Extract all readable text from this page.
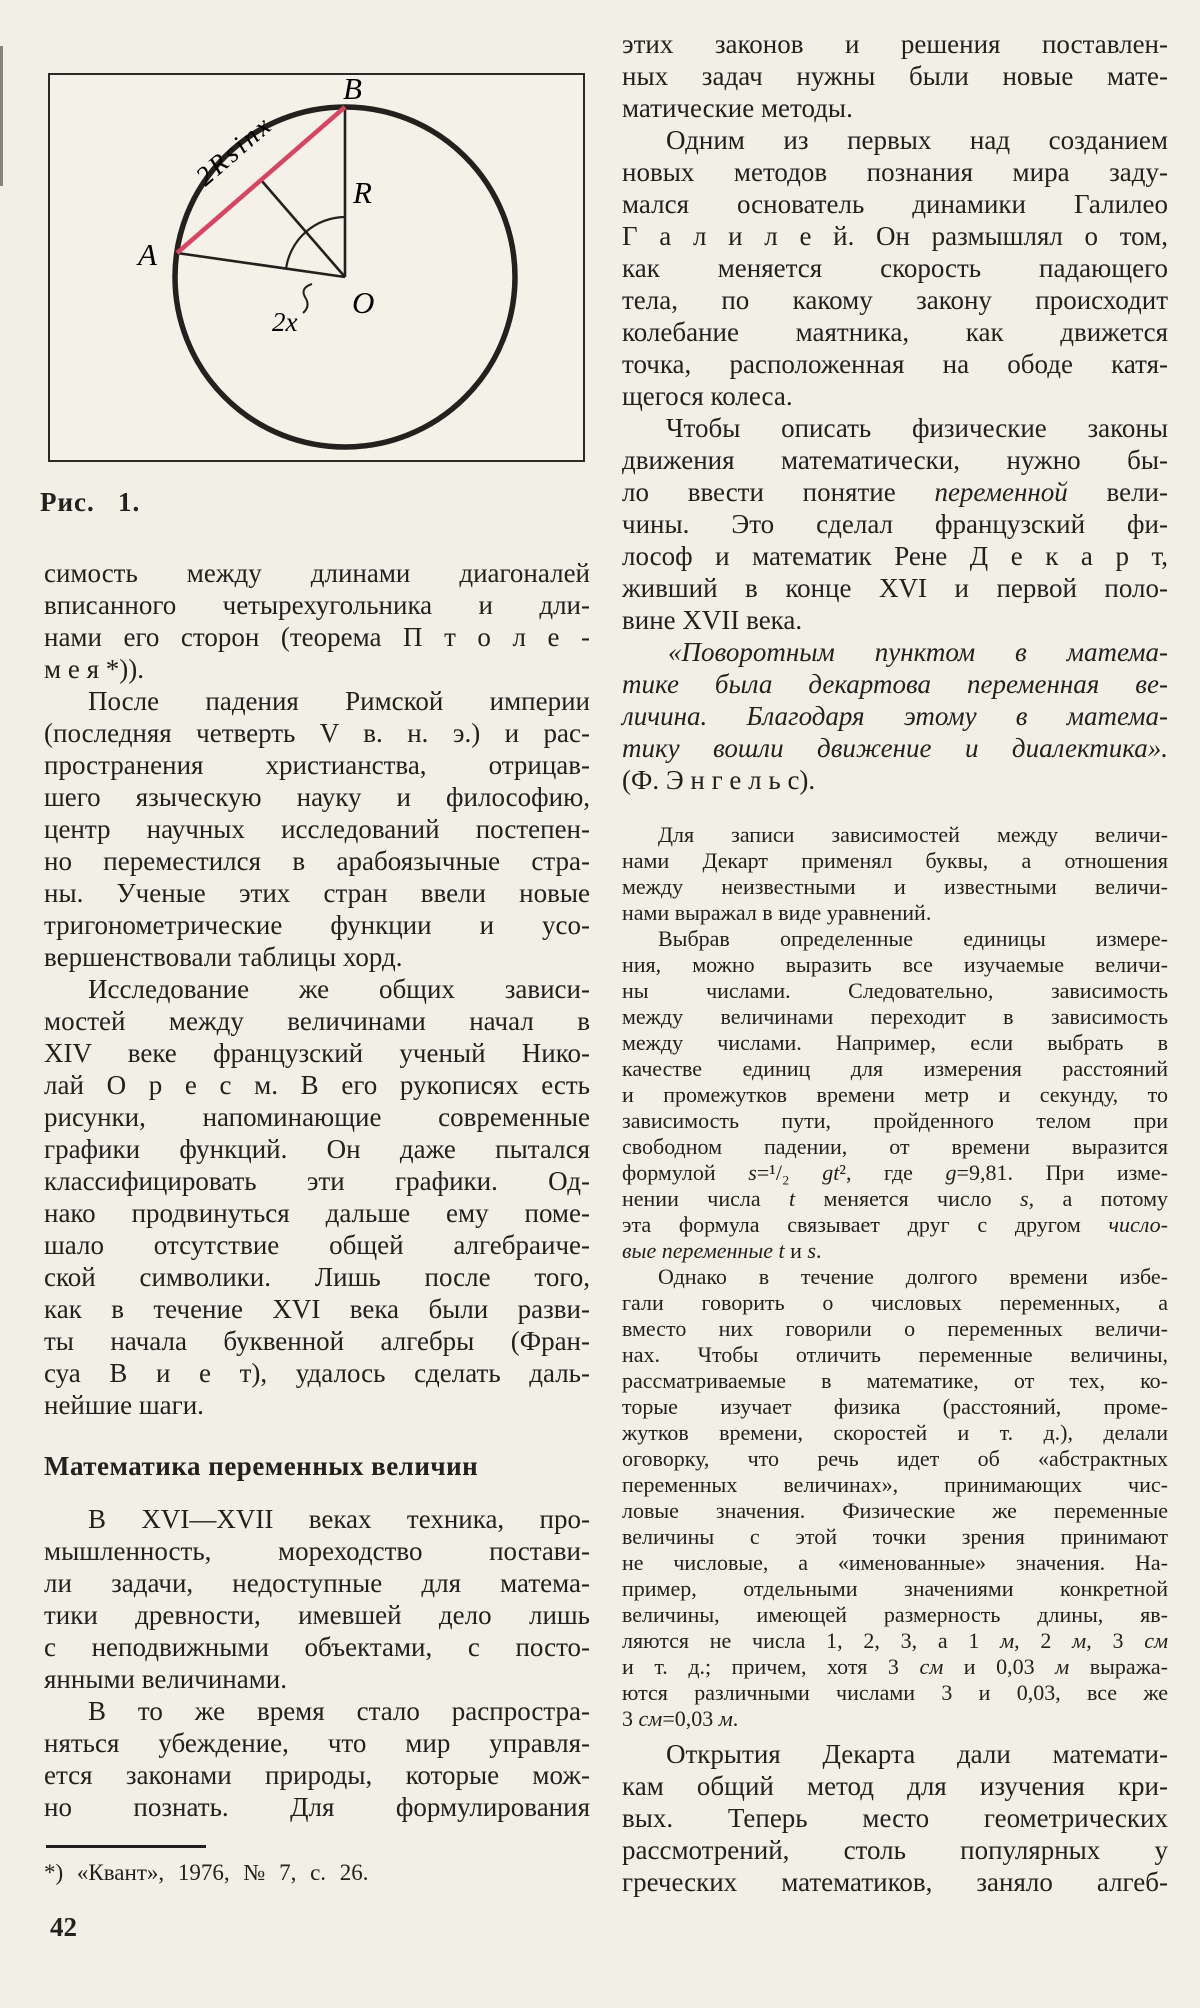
A
B
O
R
2Rsinx
2x
Рис.   1.
симость между длинами диагоналей
вписанного четырехугольника и дли-
нами его сторон (теорема П т о л е -
м е я *)).
После падения Римской империи
(последняя четверть V в. н. э.) и рас-
пространения христианства, отрицав-
шего языческую науку и философию,
центр научных исследований постепен-
но переместился в арабоязычные стра-
ны. Ученые этих стран ввели новые
тригонометрические функции и усо-
вершенствовали таблицы хорд.
Исследование же общих зависи-
мостей между величинами начал в
XIV веке французский ученый Нико-
лай О р е с м. В его рукописях есть
рисунки, напоминающие современные
графики функций. Он даже пытался
классифицировать эти графики. Од-
нако продвинуться дальше ему поме-
шало отсутствие общей алгебраиче-
ской символики. Лишь после того,
как в течение XVI века были разви-
ты начала буквенной алгебры (Фран-
суа В и е т), удалось сделать даль-
нейшие шаги.
Математика переменных величин
В XVI—XVII веках техника, про-
мышленность, мореходство постави-
ли задачи, недоступные для матема-
тики древности, имевшей дело лишь
с неподвижными объектами, с посто-
янными величинами.
В то же время стало распростра-
няться убеждение, что мир управля-
ется законами природы, которые мож-
но познать. Для формулирования
этих законов и решения поставлен-
ных задач нужны были новые мате-
матические методы.
Одним из первых над созданием
новых методов познания мира заду-
мался основатель динамики Галилео
Г а л и л е й. Он размышлял о том,
как меняется скорость падающего
тела, по какому закону происходит
колебание маятника, как движется
точка, расположенная на ободе катя-
щегося колеса.
Чтобы описать физические законы
движения математически, нужно бы-
ло ввести понятие переменной вели-
чины. Это сделал французский фи-
лософ и математик Рене Д е к а р т,
живший в конце XVI и первой поло-
вине XVII века.
«Поворотным пунктом в матема-
тике была декартова переменная ве-
личина. Благодаря этому в матема-
тику вошли движение и диалектика».
(Ф. Э н г е л ь с).
Для записи зависимостей между величи-
нами Декарт применял буквы, а отношения
между неизвестными и известными величи-
нами выражал в виде уравнений.
Выбрав определенные единицы измере-
ния, можно выразить все изучаемые величи-
ны числами. Следовательно, зависимость
между величинами переходит в зависимость
между числами. Например, если выбрать в
качестве единиц для измерения расстояний
и промежутков времени метр и секунду, то
зависимость пути, пройденного телом при
свободном падении, от времени выразится
формулой s=¹/₂ gt², где g=9,81. При изме-
нении числа t меняется число s, а потому
эта формула связывает друг с другом число-
вые переменные t и s.
Однако в течение долгого времени избе-
гали говорить о числовых переменных, а
вместо них говорили о переменных величи-
нах. Чтобы отличить переменные величины,
рассматриваемые в математике, от тех, ко-
торые изучает физика (расстояний, проме-
жутков времени, скоростей и т. д.), делали
оговорку, что речь идет об «абстрактных
переменных величинах», принимающих чис-
ловые значения. Физические же переменные
величины с этой точки зрения принимают
не числовые, а «именованные» значения. На-
пример, отдельными значениями конкретной
величины, имеющей размерность длины, яв-
ляются не числа 1, 2, 3, а 1 м, 2 м, 3 см
и т. д.; причем, хотя 3 см и 0,03 м выража-
ются различными числами 3 и 0,03, все же
3 см=0,03 м.
Открытия Декарта дали математи-
кам общий метод для изучения кри-
вых. Теперь место геометрических
рассмотрений, столь популярных у
греческих математиков, заняло алгеб-
*) «Квант», 1976, № 7, с. 26.
42
